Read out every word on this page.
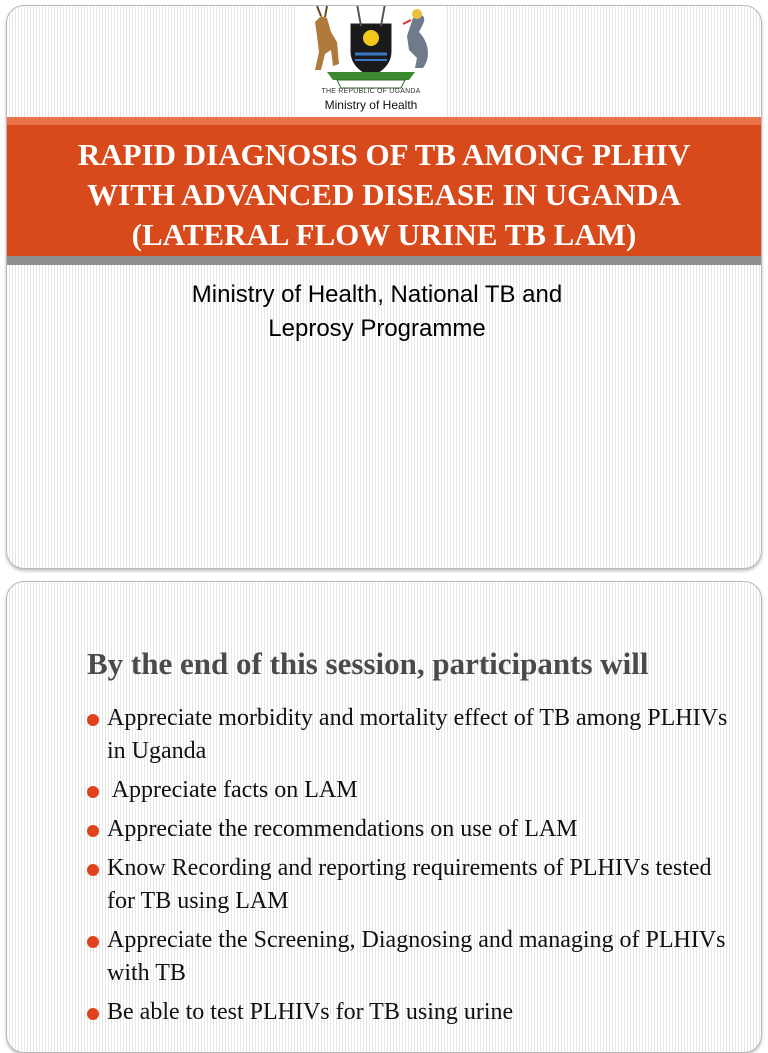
THE REPUBLIC OF UGANDA
Ministry of Health
RAPID DIAGNOSIS OF TB AMONG PLHIV
WITH ADVANCED DISEASE IN UGANDA
(LATERAL FLOW URINE TB LAM)
Ministry of Health, National TB and
Leprosy Programme
By the end of this session, participants will
Appreciate morbidity and mortality effect of TB among PLHIVs in Uganda
Appreciate facts on LAM
Appreciate the recommendations on use of LAM
Know Recording and reporting requirements of PLHIVs tested for TB using LAM
Appreciate the Screening, Diagnosing and managing of PLHIVs with TB
Be able to test PLHIVs for TB using urine
